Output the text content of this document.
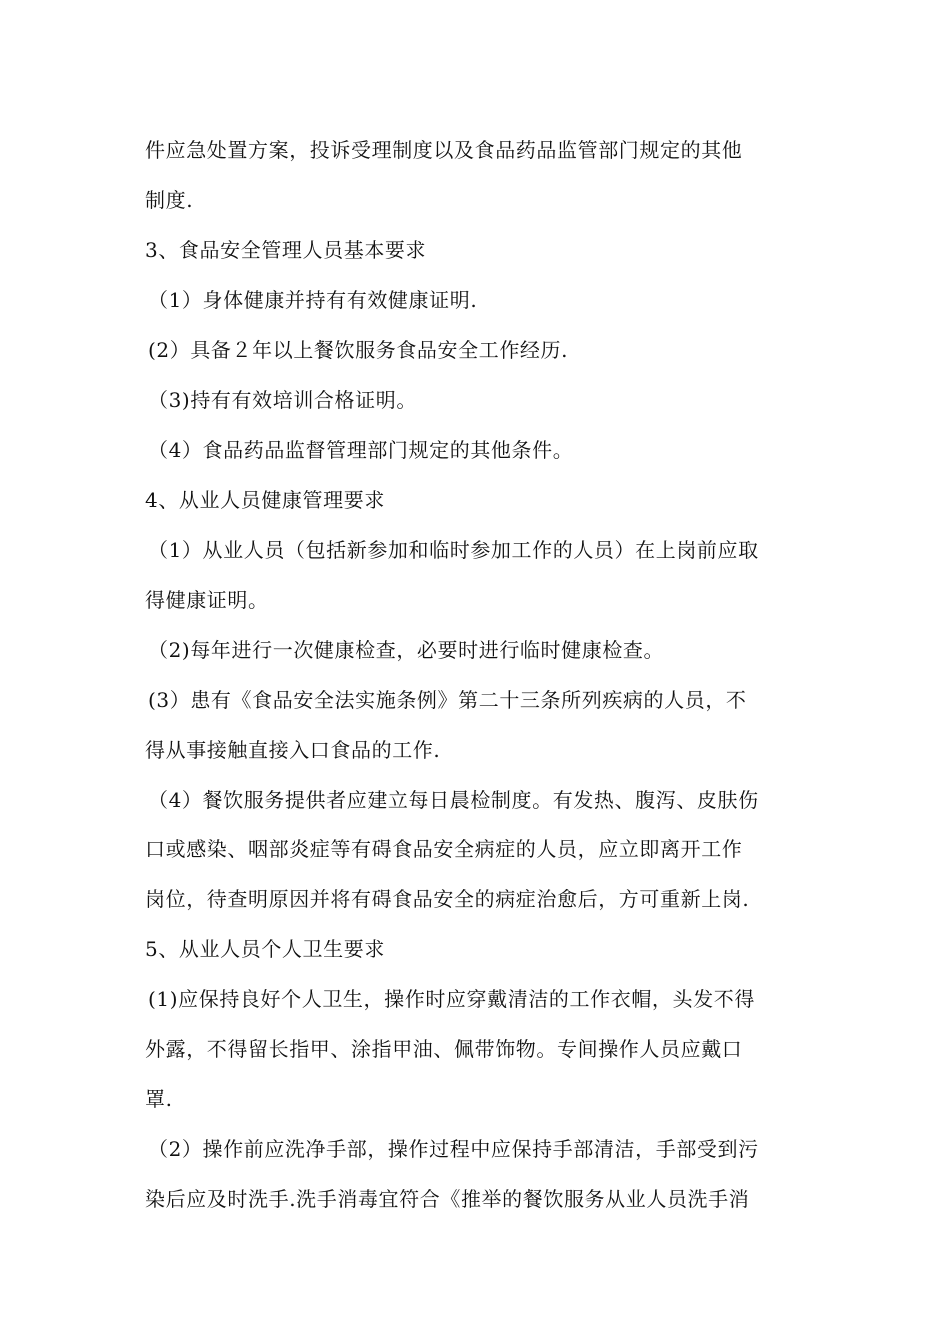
件应急处置方案，投诉受理制度以及食品药品监管部门规定的其他
制度.
3、食品安全管理人员基本要求
（1）身体健康并持有有效健康证明.
(2）具备２年以上餐饮服务食品安全工作经历.
（3)持有有效培训合格证明。
（4）食品药品监督管理部门规定的其他条件。
4、从业人员健康管理要求
（1）从业人员（包括新参加和临时参加工作的人员）在上岗前应取
得健康证明。
（2)每年进行一次健康检查，必要时进行临时健康检查。
(3）患有《食品安全法实施条例》第二十三条所列疾病的人员，不
得从事接触直接入口食品的工作.
（4）餐饮服务提供者应建立每日晨检制度。有发热、腹泻、皮肤伤
口或感染、咽部炎症等有碍食品安全病症的人员，应立即离开工作
岗位，待查明原因并将有碍食品安全的病症治愈后，方可重新上岗.
5、从业人员个人卫生要求
(1)应保持良好个人卫生，操作时应穿戴清洁的工作衣帽，头发不得
外露，不得留长指甲、涂指甲油、佩带饰物。专间操作人员应戴口
罩.
（2）操作前应洗净手部，操作过程中应保持手部清洁，手部受到污
染后应及时洗手.洗手消毒宜符合《推举的餐饮服务从业人员洗手消
